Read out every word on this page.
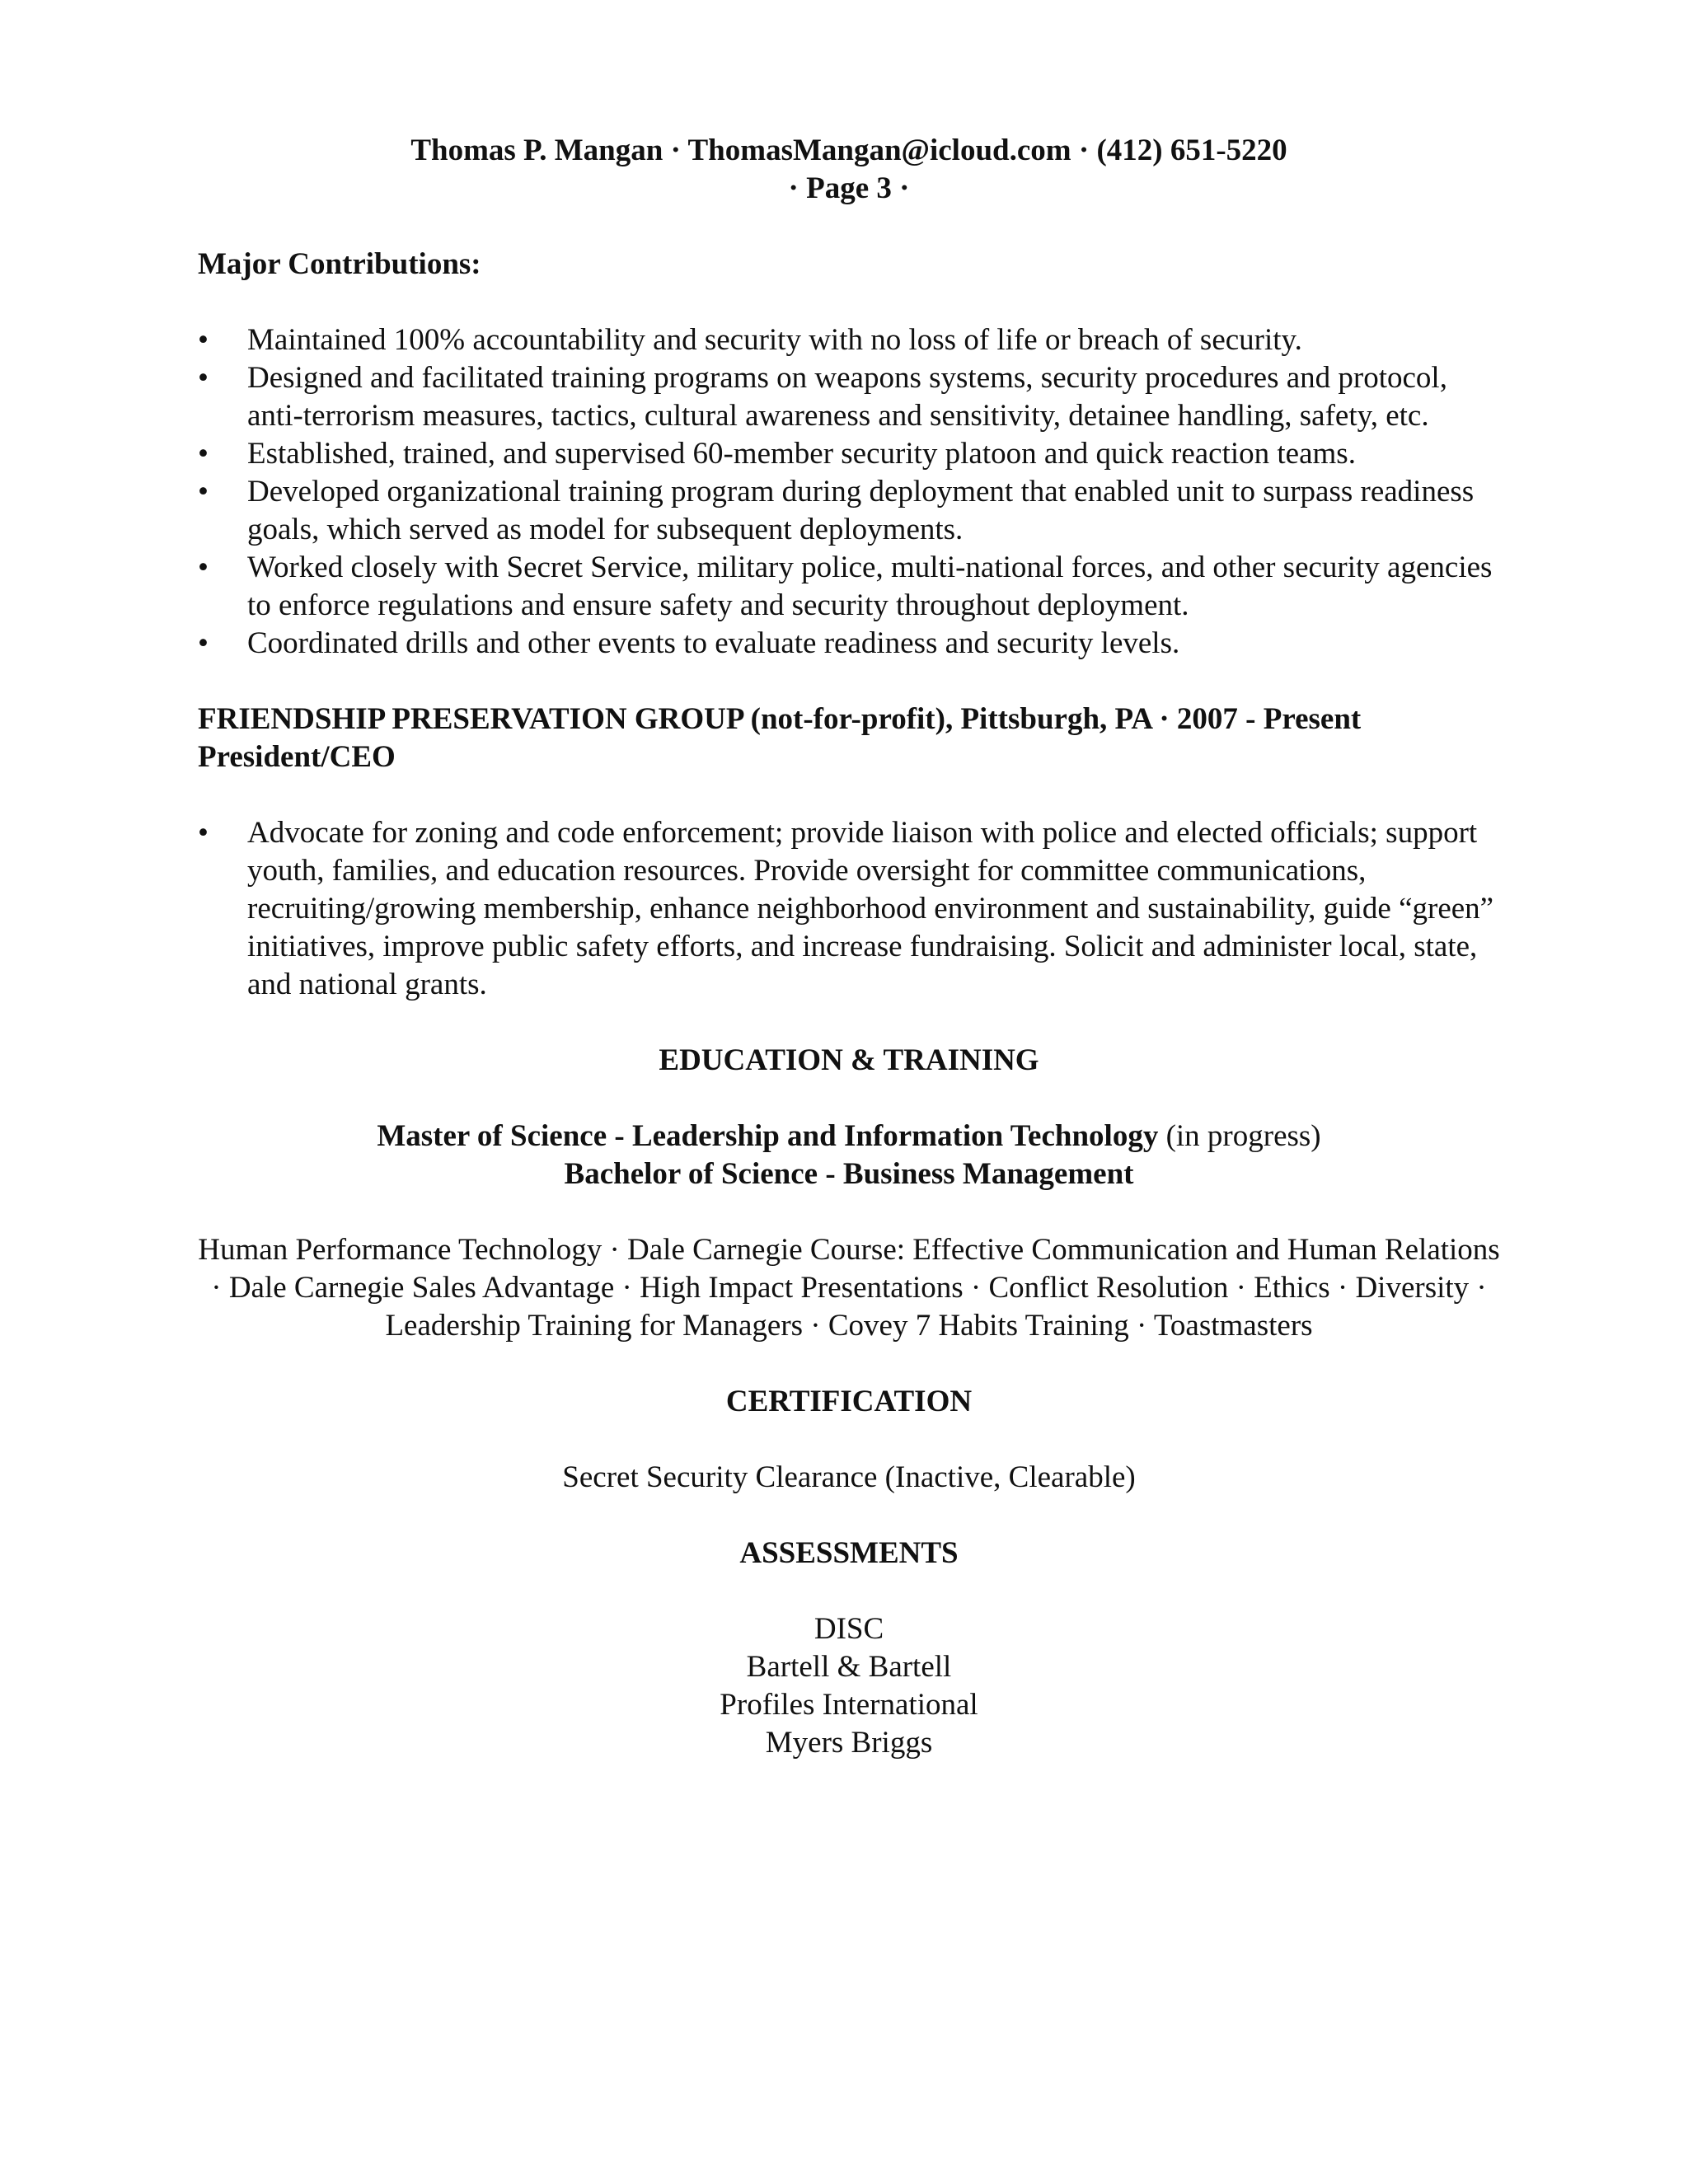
Thomas P. Mangan · ThomasMangan@icloud.com · (412) 651-5220
· Page 3 ·
Major Contributions:
•	Maintained 100% accountability and security with no loss of life or breach of security.
•	Designed and facilitated training programs on weapons systems, security procedures and protocol, anti-terrorism measures, tactics, cultural awareness and sensitivity, detainee handling, safety, etc.
•	Established, trained, and supervised 60-member security platoon and quick reaction teams.
•	Developed organizational training program during deployment that enabled unit to surpass readiness goals, which served as model for subsequent deployments.
•	Worked closely with Secret Service, military police, multi-national forces, and other security agencies to enforce regulations and ensure safety and security throughout deployment.
•	Coordinated drills and other events to evaluate readiness and security levels.
FRIENDSHIP PRESERVATION GROUP (not-for-profit), Pittsburgh, PA · 2007 - Present
President/CEO
•	Advocate for zoning and code enforcement; provide liaison with police and elected officials; support youth, families, and education resources. Provide oversight for committee communications, recruiting/growing membership, enhance neighborhood environment and sustainability, guide “green” initiatives, improve public safety efforts, and increase fundraising. Solicit and administer local, state, and national grants.
EDUCATION & TRAINING
Master of Science - Leadership and Information Technology (in progress)
Bachelor of Science - Business Management
Human Performance Technology · Dale Carnegie Course: Effective Communication and Human Relations · Dale Carnegie Sales Advantage · High Impact Presentations · Conflict Resolution · Ethics · Diversity · Leadership Training for Managers · Covey 7 Habits Training · Toastmasters
CERTIFICATION
Secret Security Clearance (Inactive, Clearable)
ASSESSMENTS
DISC
Bartell & Bartell
Profiles International
Myers Briggs
